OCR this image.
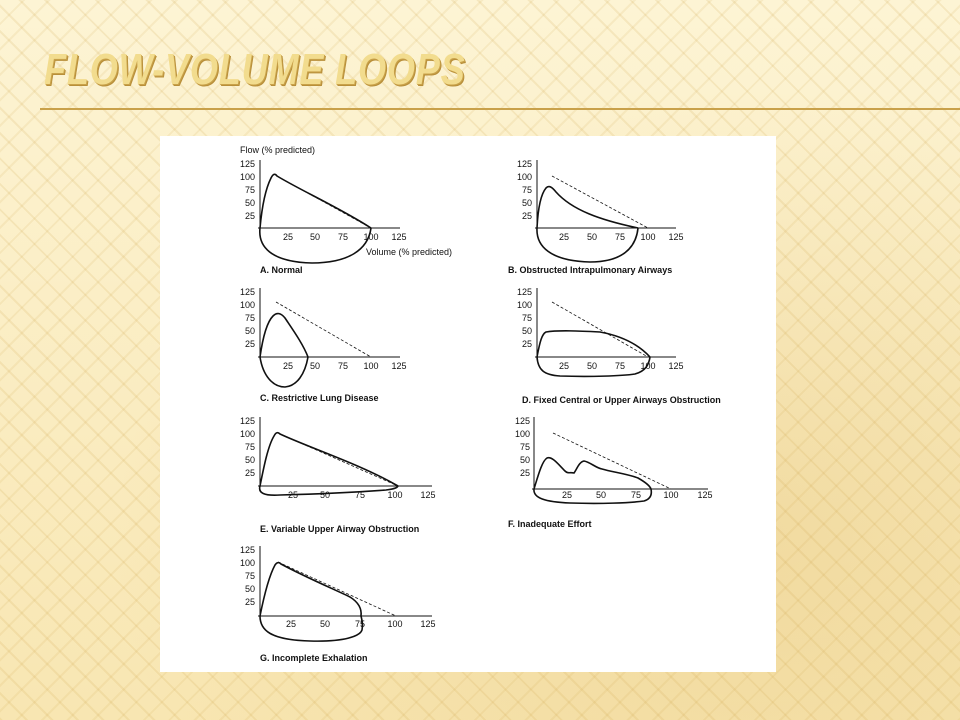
FLOW-VOLUME LOOPS
Flow (% predicted)
125
100
75
50
25
25 50 75 100 125
Volume (% predicted)
A. Normal
125
100
75
50
25
25 50 75 100 125
B. Obstructed Intrapulmonary Airways
125
100
75
50
25
25 50 75 100 125
C. Restrictive Lung Disease
125
100
75
50
25
25 50 75 100 125
D. Fixed Central or Upper Airways Obstruction
125
100
75
50
25
25 50	75 100 125
E. Variable Upper Airway Obstruction
125
100
75
50
25
25	50	75 100 125
F. Inadequate Effort
125
100
75
50
25
25	50	75 100 125
G. Incomplete Exhalation
